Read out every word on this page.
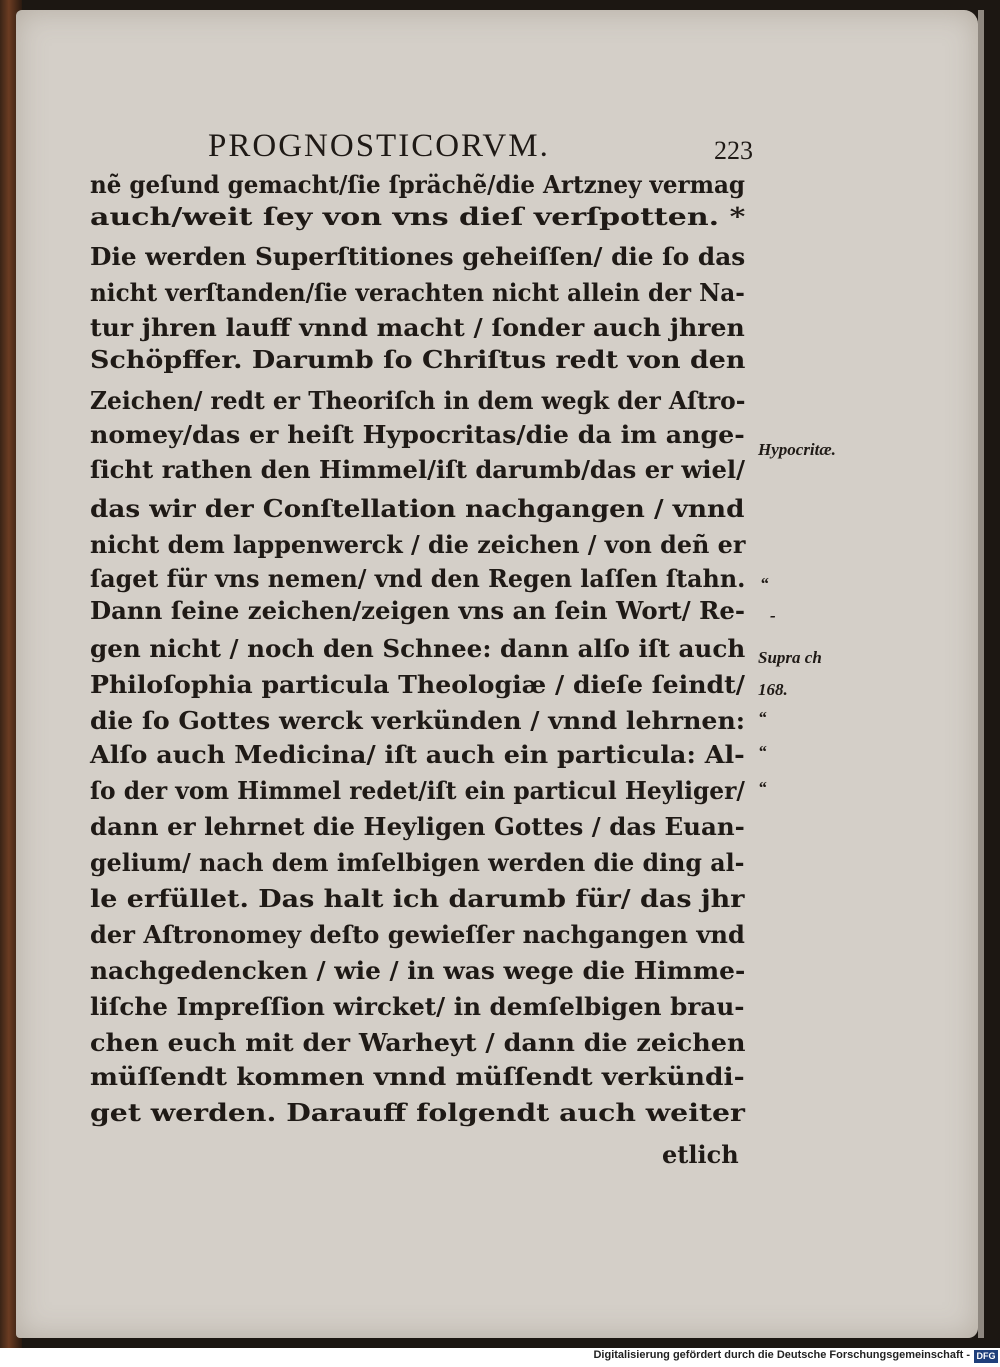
PROGNOSTICORVM.	223
nẽ geſund gemacht/ſie ſprächẽ/die Artzney vermag
auch/weit ſey von vns dieſ verſpotten. *
Die werden Superſtitiones geheiſſen/ die ſo das
nicht verſtanden/ſie verachten nicht allein der Na-
tur jhren lauff vnnd macht / ſonder auch jhren
Schöpffer. Darumb ſo Chriſtus redt von den
Zeichen/ redt er Theoriſch in dem wegk der Aſtro-
nomey/das er heiſt Hypocritas/die da im ange-
ſicht rathen den Himmel/iſt darumb/das er wiel/
das wir der Conſtellation nachgangen / vnnd
nicht dem lappenwerck / die zeichen / von deñ er
ſaget für vns nemen/ vnd den Regen laſſen ſtahn.
Dann ſeine zeichen/zeigen vns an ſein Wort/ Re-
gen nicht / noch den Schnee: dann alſo iſt auch
Philoſophia particula Theologiæ / dieſe ſeindt/
die ſo Gottes werck verkünden / vnnd lehrnen:
Alſo auch Medicina/ iſt auch ein particula: Al-
ſo der vom Himmel redet/iſt ein particul Heyliger/
dann er lehrnet die Heyligen Gottes / das Euan-
gelium/ nach dem imſelbigen werden die ding al-
le erfüllet. Das halt ich darumb für/ das jhr
der Aſtronomey deſto gewieſſer nachgangen vnd
nachgedencken / wie / in was wege die Himme-
liſche Impreſſion wircket/ in demſelbigen brau-
chen euch mit der Warheyt / dann die zeichen
müſſendt kommen vnnd müſſendt verkündi-
get werden. Darauff folgendt auch weiter
etlich
Hypocritæ.
“
-
Supra ch
168.
“
“
“
Digitalisierung gefördert durch die Deutsche Forschungsgemeinschaft - DFG
